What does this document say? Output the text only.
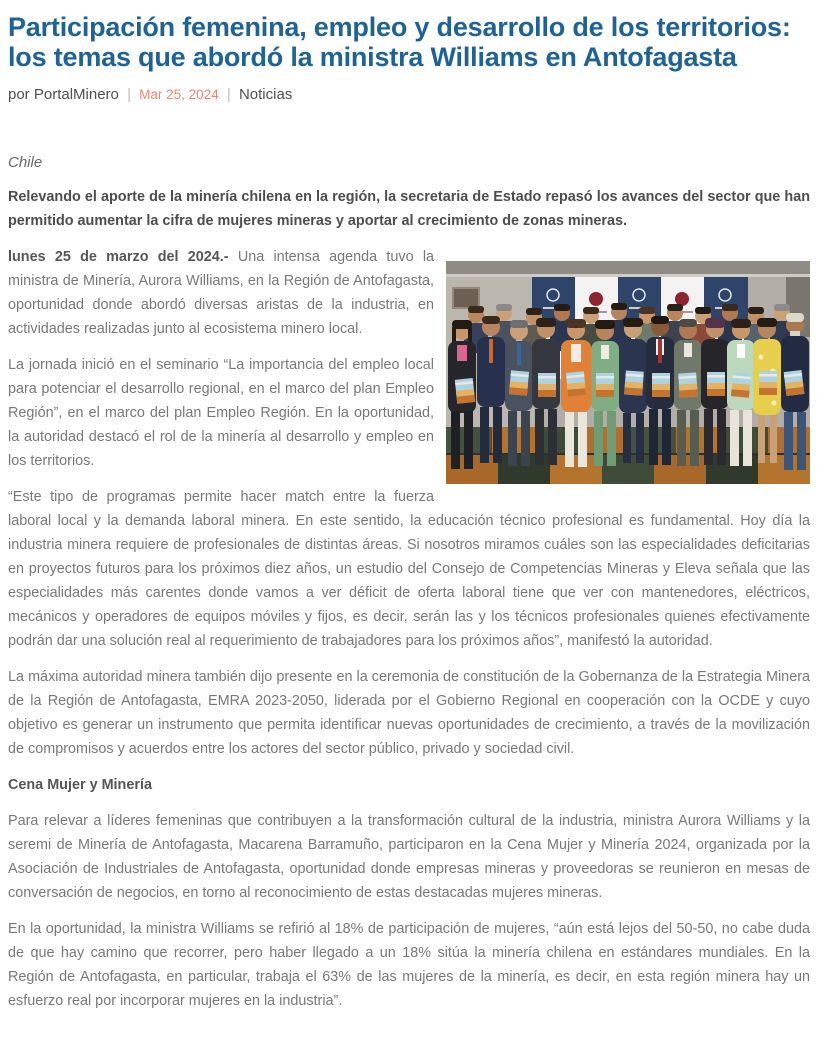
Participación femenina, empleo y desarrollo de los territorios: los temas que abordó la ministra Williams en Antofagasta
por PortalMinero | Mar 25, 2024 | Noticias
Chile

Relevando el aporte de la minería chilena en la región, la secretaria de Estado repasó los avances del sector que han permitido aumentar la cifra de mujeres mineras y aportar al crecimiento de zonas mineras.

lunes 25 de marzo del 2024.- Una intensa agenda tuvo la ministra de Minería, Aurora Williams, en la Región de Antofagasta, oportunidad donde abordó diversas aristas de la industria, en actividades realizadas junto al ecosistema minero local.

La jornada inició en el seminario “La importancia del empleo local para potenciar el desarrollo regional, en el marco del plan Empleo Región”, en el marco del plan Empleo Región. En la oportunidad, la autoridad destacó el rol de la minería al desarrollo y empleo en los territorios.

“Este tipo de programas permite hacer match entre la fuerza laboral local y la demanda laboral minera. En este sentido, la educación técnico profesional es fundamental. Hoy día la industria minera requiere de profesionales de distintas áreas. Si nosotros miramos cuáles son las especialidades deficitarias en proyectos futuros para los próximos diez años, un estudio del Consejo de Competencias Mineras y Eleva señala que las especialidades más carentes donde vamos a ver déficit de oferta laboral tiene que ver con mantenedores, eléctricos, mecánicos y operadores de equipos móviles y fijos, es decir, serán las y los técnicos profesionales quienes efectivamente podrán dar una solución real al requerimiento de trabajadores para los próximos años”, manifestó la autoridad.

La máxima autoridad minera también dijo presente en la ceremonia de constitución de la Gobernanza de la Estrategia Minera de la Región de Antofagasta, EMRA 2023-2050, liderada por el Gobierno Regional en cooperación con la OCDE y cuyo objetivo es generar un instrumento que permita identificar nuevas oportunidades de crecimiento, a través de la movilización de compromisos y acuerdos entre los actores del sector público, privado y sociedad civil.

Cena Mujer y Minería

Para relevar a líderes femeninas que contribuyen a la transformación cultural de la industria, ministra Aurora Williams y la seremi de Minería de Antofagasta, Macarena Barramuño, participaron en la Cena Mujer y Minería 2024, organizada por la Asociación de Industriales de Antofagasta, oportunidad donde empresas mineras y proveedoras se reunieron en mesas de conversación de negocios, en torno al reconocimiento de estas destacadas mujeres mineras.

En la oportunidad, la ministra Williams se refirió al 18% de participación de mujeres, “aún está lejos del 50-50, no cabe duda de que hay camino que recorrer, pero haber llegado a un 18% sitúa la minería chilena en estándares mundiales. En la Región de Antofagasta, en particular, trabaja el 63% de las mujeres de la minería, es decir, en esta región minera hay un esfuerzo real por incorporar mujeres en la industria”.
